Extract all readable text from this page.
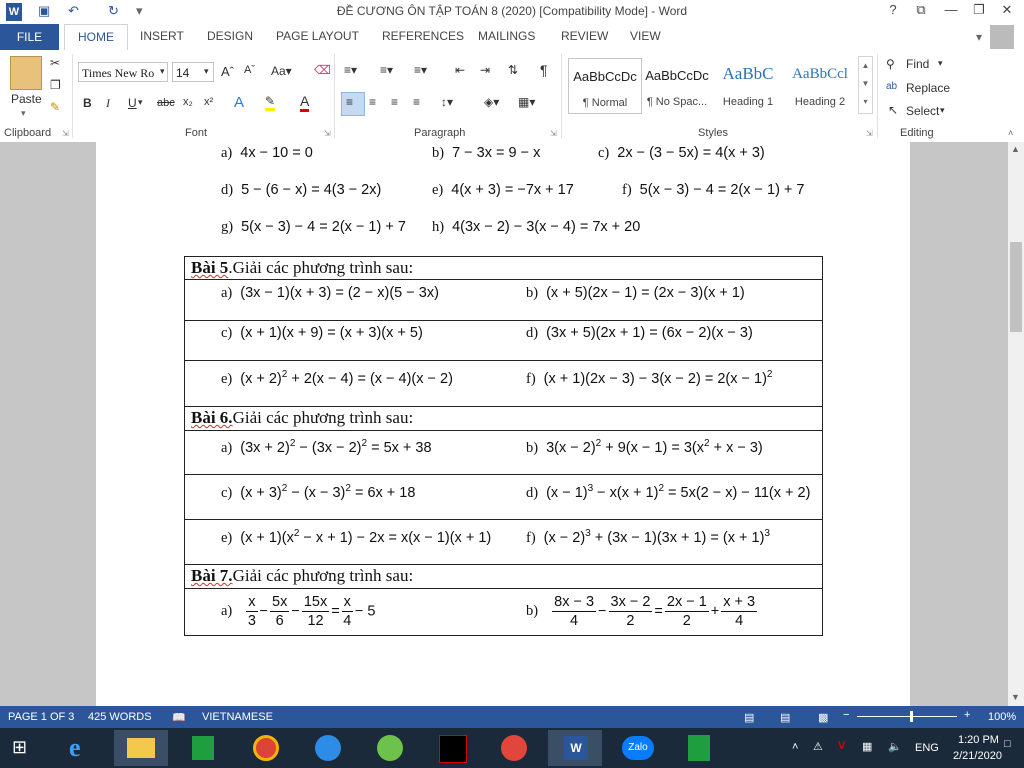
W ▣ ↶ ↻ ▾	ĐỀ CƯƠNG ÔN TẬP TOÁN 8 (2020) [Compatibility Mode] - Word	?	⧉	—	❐	✕
FILE	HOME	INSERT DESIGN PAGE LAYOUT REFERENCES MAILINGS REVIEW VIEW	▾
Paste
▾
✂
❐
✎
Clipboard ⇲
Times New Ro ▾ 14	▾ Aˆ Aˇ Aa▾ ⌫
B I U ▾ abc x₂ x² A ✎ A
Font	⇲
≡▾ ≡▾ ≡▾ ⇤ ⇥ ⇅ ¶
≡ ≡ ≡ ≡ ↕▾	◈▾ ▦▾
Paragraph	⇲
AaBbCcDc
¶ Normal
AaBbCcDc
¶ No Spac...
AaBbC
Heading 1
AaBbCcl
Heading 2
▲
▼
▾
Styles	⇲
⚲ Find ▾
ab Replace
↖ Select ▾
Editing	˄
a) 4x − 10 = 0	b) 7 − 3x = 9 − x	c) 2x − (3 − 5x) = 4(x + 3)
d) 5 − (6 − x) = 4(3 − 2x)	e) 4(x + 3) = −7x + 17	f) 5(x − 3) − 4 = 2(x − 1) + 7
g) 5(x − 3) − 4 = 2(x − 1) + 7 h) 4(3x − 2) − 3(x − 4) = 7x + 20
Bài 5.Giải các phương trình sau:
a) (3x − 1)(x + 3) = (2 − x)(5 − 3x)	b) (x + 5)(2x − 1) = (2x − 3)(x + 1)
c) (x + 1)(x + 9) = (x + 3)(x + 5)	d) (3x + 5)(2x + 1) = (6x − 2)(x − 3)
e) $(x + 2)^2 + 2(x - 4) = (x - 4)(x - 2)$	f) $(x + 1)(2x - 3) - 3(x - 2) = 2(x - 1)^2$
Bài 6.Giải các phương trình sau:
a) $(3x + 2)^2 - (3x - 2)^2 = 5x + 38$	b) $3(x - 2)^2 + 9(x - 1) = 3(x^2 + x - 3)$
c) $(x + 3)^2 - (x - 3)^2 = 6x + 18$	d) $(x - 1)^3 - x(x + 1)^2 = 5x(2 - x) - 11(x + 2)$
e) $(x + 1)(x^2 - x + 1) - 2x = x(x - 1)(x + 1)$ f) $(x - 2)^3 + (3x - 1)(3x + 1) = (x + 1)^3$
Bài 7.Giải các phương trình sau:
$a) \frac{x}{3} - \frac{5x}{6} - \frac{15x}{12} = \frac{x}{4} - 5$	$b) \frac{8x - 3}{4} - \frac{3x - 2}{2} = \frac{2x - 1}{2} + \frac{x + 3}{4}$
▲
▼
PAGE 1 OF 3 425 WORDS 📖 VIETNAMESE	▤ ▤	▩ −	+ 100%
⊞ e	W	Zalo	˄ ⚠ V ▦ 🔈 ENG
1:20 PM
2/21/2020
□
